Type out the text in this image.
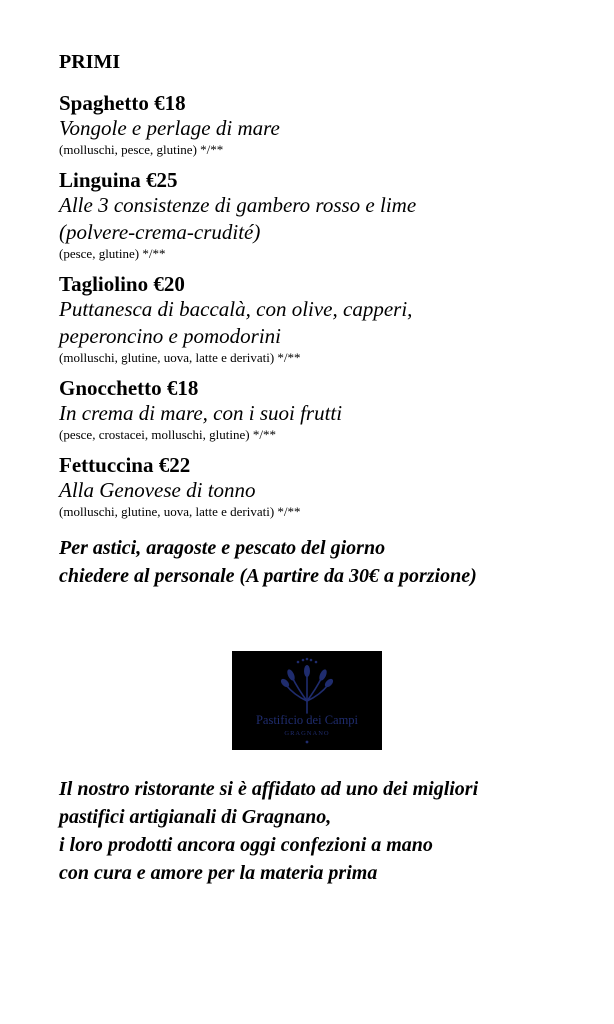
PRIMI
Spaghetto €18
Vongole e perlage di mare
(molluschi, pesce, glutine) */**
Linguina €25
Alle 3 consistenze di gambero rosso e lime
(polvere-crema-crudité)
(pesce, glutine) */**
Tagliolino €20
Puttanesca di baccalà, con olive, capperi,
peperoncino e pomodorini
(molluschi, glutine, uova, latte e derivati) */**
Gnocchetto €18
In crema di mare, con i suoi frutti
(pesce, crostacei, molluschi, glutine) */**
Fettuccina €22
Alla Genovese di tonno
(molluschi, glutine, uova, latte e derivati) */**
Per astici, aragoste e pescato del giorno
chiedere al personale (A partire da 30€ a porzione)
Pastificio dei Campi
GRAGNANO
Il nostro ristorante si è affidato ad uno dei migliori
pastifici artigianali di Gragnano,
i loro prodotti ancora oggi confezioni a mano
con cura e amore per la materia prima
